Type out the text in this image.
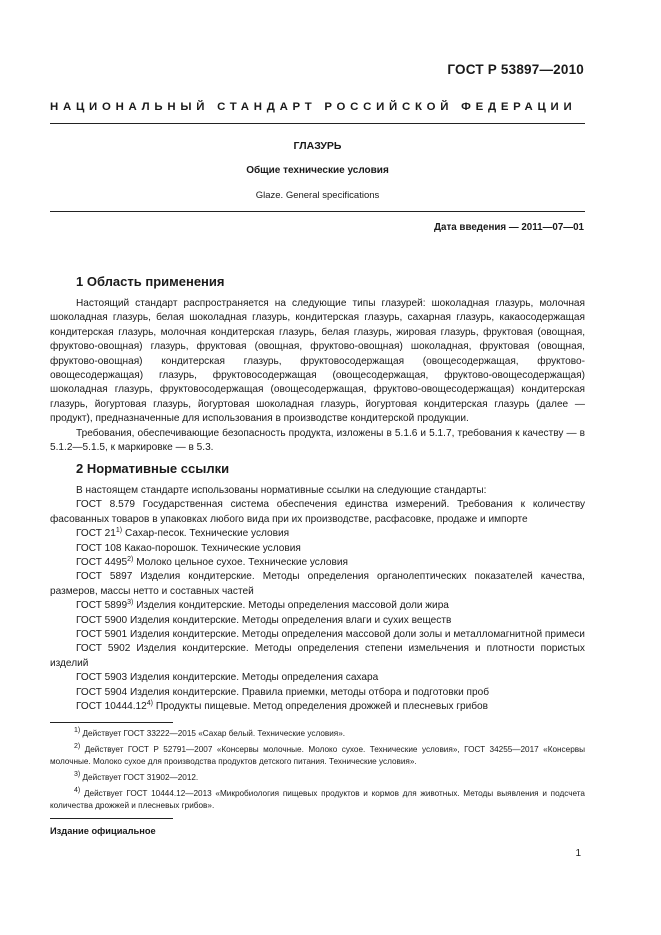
ГОСТ Р 53897—2010
НАЦИОНАЛЬНЫЙ СТАНДАРТ РОССИЙСКОЙ ФЕДЕРАЦИИ
ГЛАЗУРЬ
Общие технические условия
Glaze. General specifications
Дата введения — 2011—07—01
1 Область применения

Настоящий стандарт распространяется на следующие типы глазурей: шоколадная глазурь, молочная шоколадная глазурь, белая шоколадная глазурь, кондитерская глазурь, сахарная глазурь, какаосодержащая кондитерская глазурь, молочная кондитерская глазурь, белая глазурь, жировая глазурь, фруктовая (овощная, фруктово-овощная) глазурь, фруктовая (овощная, фруктово-овощная) шоколадная, фруктовая (овощная, фруктово-овощная) кондитерская глазурь, фруктовосодержащая (овощесодержащая, фруктово-овощесодержащая) глазурь, фруктовосодержащая (овощесодержащая, фруктово-овощесодержащая) шоколадная глазурь, фруктовосодержащая (овощесодержащая, фруктово-овощесодержащая) кондитерская глазурь, йогуртовая глазурь, йогуртовая шоколадная глазурь, йогуртовая кондитерская глазурь (далее — продукт), предназначенные для использования в производстве кондитерской продукции.

Требования, обеспечивающие безопасность продукта, изложены в 5.1.6 и 5.1.7, требования к качеству — в 5.1.2—5.1.5, к маркировке — в 5.3.

2 Нормативные ссылки

В настоящем стандарте использованы нормативные ссылки на следующие стандарты:

ГОСТ 8.579 Государственная система обеспечения единства измерений. Требования к количеству фасованных товаров в упаковках любого вида при их производстве, расфасовке, продаже и импорте

ГОСТ 21$^{1)}$ Сахар-песок. Технические условия

ГОСТ 108 Какао-порошок. Технические условия

ГОСТ 4495$^{2)}$ Молоко цельное сухое. Технические условия

ГОСТ 5897 Изделия кондитерские. Методы определения органолептических показателей качества, размеров, массы нетто и составных частей

ГОСТ 5899$^{3)}$ Изделия кондитерские. Методы определения массовой доли жира

ГОСТ 5900 Изделия кондитерские. Методы определения влаги и сухих веществ

ГОСТ 5901 Изделия кондитерские. Методы определения массовой доли золы и металломагнитной примеси

ГОСТ 5902 Изделия кондитерские. Методы определения степени измельчения и плотности пористых изделий

ГОСТ 5903 Изделия кондитерские. Методы определения сахара

ГОСТ 5904 Изделия кондитерские. Правила приемки, методы отбора и подготовки проб

ГОСТ 10444.12$^{4)}$ Продукты пищевые. Метод определения дрожжей и плесневых грибов

$^{1)}$ Действует ГОСТ 33222—2015 «Сахар белый. Технические условия».

$^{2)}$ Действует ГОСТ Р 52791—2007 «Консервы молочные. Молоко сухое. Технические условия», ГОСТ 34255—2017 «Консервы молочные. Молоко сухое для производства продуктов детского питания. Технические условия».

$^{3)}$ Действует ГОСТ 31902—2012.

$^{4)}$ Действует ГОСТ 10444.12—2013 «Микробиология пищевых продуктов и кормов для животных. Методы выявления и подсчета количества дрожжей и плесневых грибов».

Издание официальное
1
